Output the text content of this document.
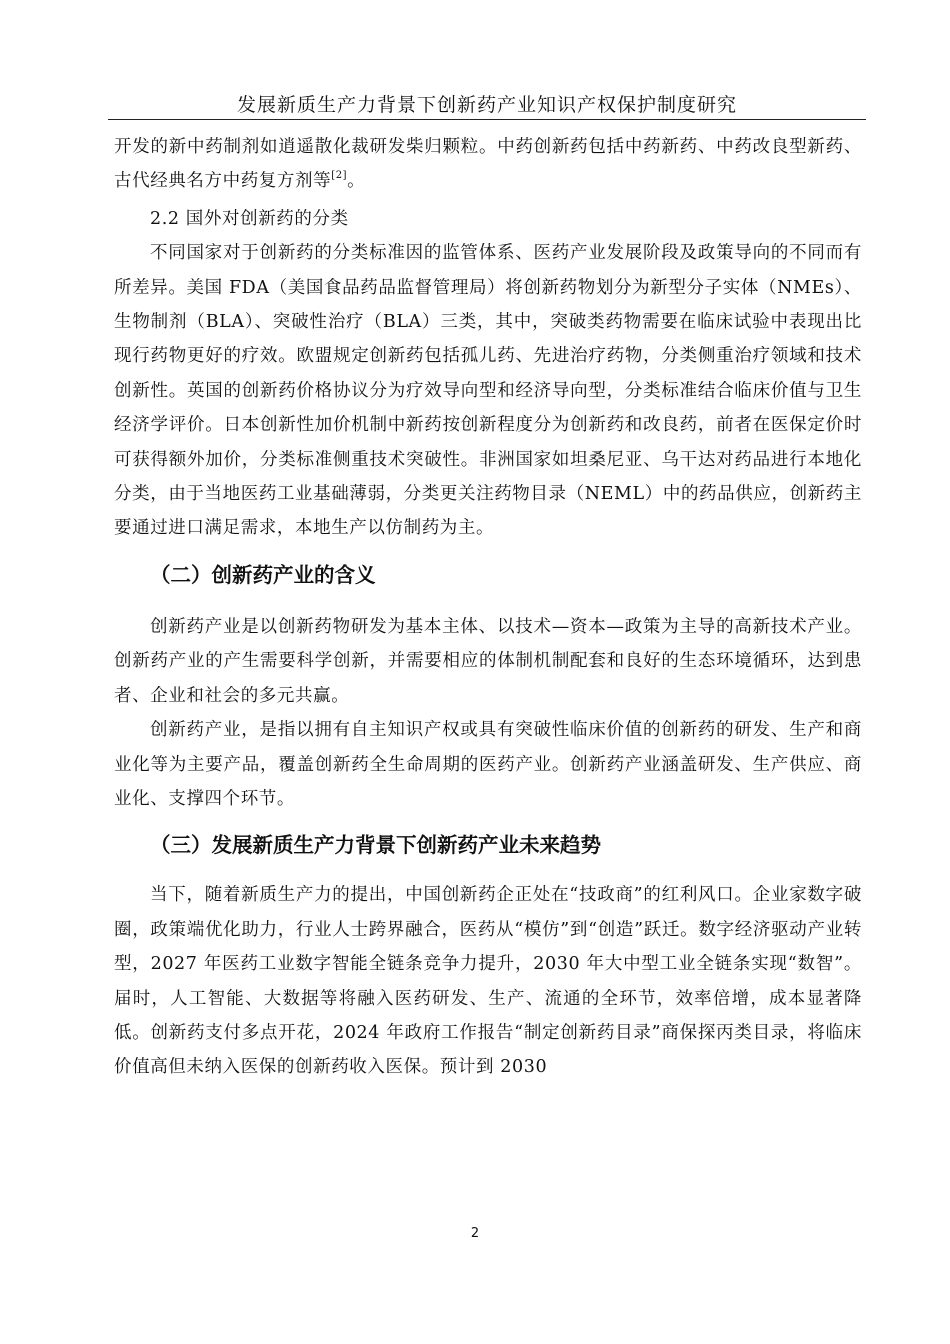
发展新质生产力背景下创新药产业知识产权保护制度研究

开发的新中药制剂如逍遥散化裁研发柴归颗粒。中药创新药包括中药新药、中药改良型新药、古代经典名方中药复方剂等[2]。

2.2 国外对创新药的分类

不同国家对于创新药的分类标准因的监管体系、医药产业发展阶段及政策导向的不同而有所差异。美国 FDA（美国食品药品监督管理局）将创新药物划分为新型分子实体（NMEs）、生物制剂（BLA）、突破性治疗（BLA）三类，其中，突破类药物需要在临床试验中表现出比现行药物更好的疗效。欧盟规定创新药包括孤儿药、先进治疗药物，分类侧重治疗领域和技术创新性。英国的创新药价格协议分为疗效导向型和经济导向型，分类标准结合临床价值与卫生经济学评价。日本创新性加价机制中新药按创新程度分为创新药和改良药，前者在医保定价时可获得额外加价，分类标准侧重技术突破性。非洲国家如坦桑尼亚、乌干达对药品进行本地化分类，由于当地医药工业基础薄弱，分类更关注药物目录（NEML）中的药品供应，创新药主要通过进口满足需求，本地生产以仿制药为主。

（二）创新药产业的含义

创新药产业是以创新药物研发为基本主体、以技术—资本—政策为主导的高新技术产业。创新药产业的产生需要科学创新，并需要相应的体制机制配套和良好的生态环境循环，达到患者、企业和社会的多元共赢。

创新药产业，是指以拥有自主知识产权或具有突破性临床价值的创新药的研发、生产和商业化等为主要产品，覆盖创新药全生命周期的医药产业。创新药产业涵盖研发、生产供应、商业化、支撑四个环节。

（三）发展新质生产力背景下创新药产业未来趋势

当下，随着新质生产力的提出，中国创新药企正处在“技政商”的红利风口。企业家数字破圈，政策端优化助力，行业人士跨界融合，医药从“模仿”到“创造”跃迁。数字经济驱动产业转型，2027 年医药工业数字智能全链条竞争力提升，2030 年大中型工业全链条实现“数智”。届时，人工智能、大数据等将融入医药研发、生产、流通的全环节，效率倍增，成本显著降低。创新药支付多点开花，2024 年政府工作报告“制定创新药目录”商保探丙类目录，将临床价值高但未纳入医保的创新药收入医保。预计到 2030

2
